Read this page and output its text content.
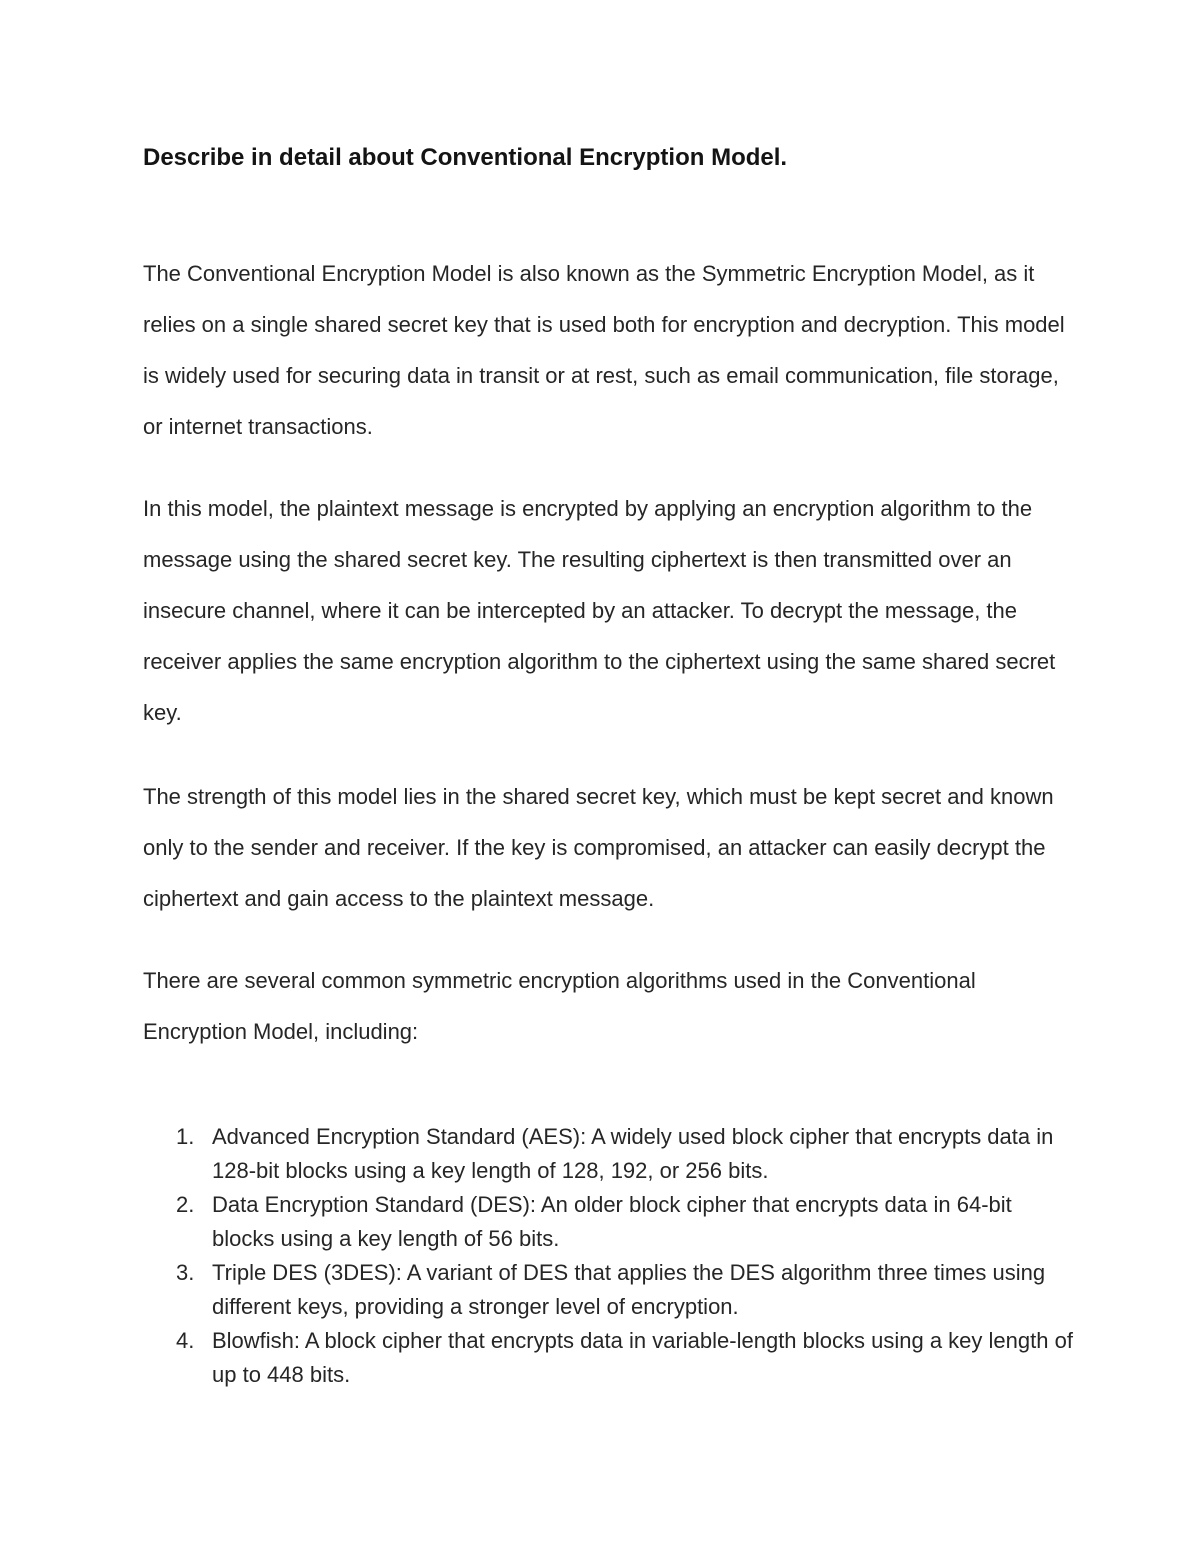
Describe in detail about Conventional Encryption Model.

The Conventional Encryption Model is also known as the Symmetric Encryption Model, as it relies on a single shared secret key that is used both for encryption and decryption. This model is widely used for securing data in transit or at rest, such as email communication, file storage, or internet transactions.

In this model, the plaintext message is encrypted by applying an encryption algorithm to the message using the shared secret key. The resulting ciphertext is then transmitted over an insecure channel, where it can be intercepted by an attacker. To decrypt the message, the receiver applies the same encryption algorithm to the ciphertext using the same shared secret key.

The strength of this model lies in the shared secret key, which must be kept secret and known only to the sender and receiver. If the key is compromised, an attacker can easily decrypt the ciphertext and gain access to the plaintext message.

There are several common symmetric encryption algorithms used in the Conventional Encryption Model, including:

1. Advanced Encryption Standard (AES): A widely used block cipher that encrypts data in 128-bit blocks using a key length of 128, 192, or 256 bits.
2. Data Encryption Standard (DES): An older block cipher that encrypts data in 64-bit blocks using a key length of 56 bits.
3. Triple DES (3DES): A variant of DES that applies the DES algorithm three times using different keys, providing a stronger level of encryption.
4. Blowfish: A block cipher that encrypts data in variable-length blocks using a key length of up to 448 bits.
